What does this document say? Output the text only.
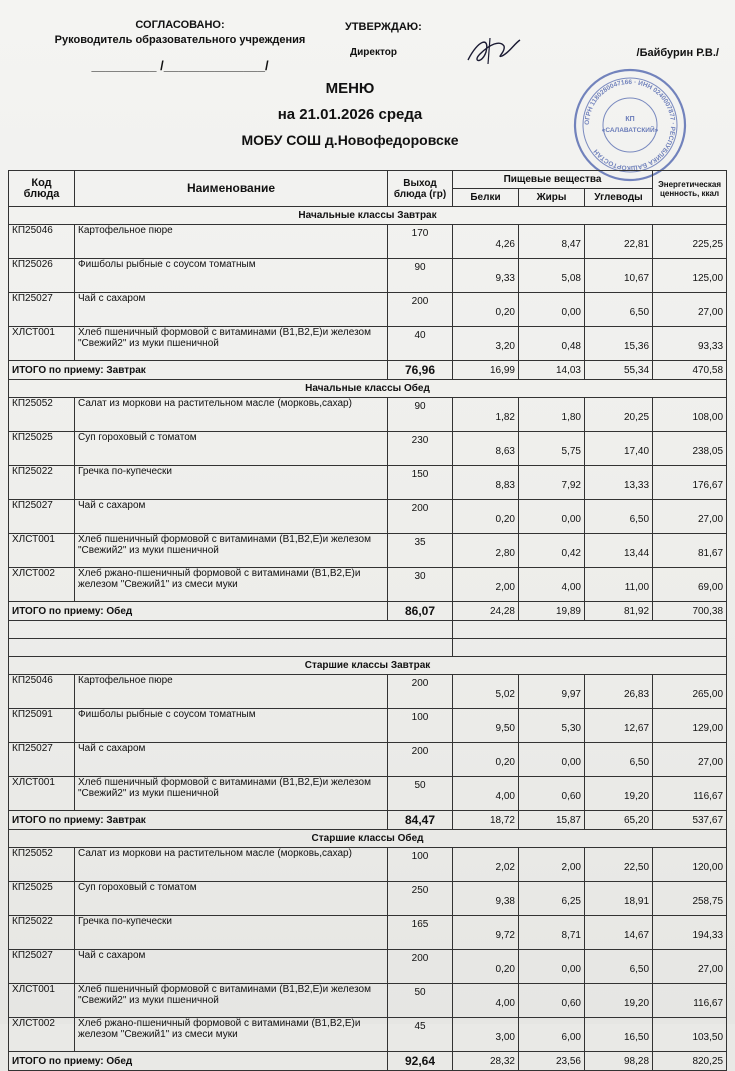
СОГЛАСОВАНО:
Руководитель образовательного учреждения
_________ /______________/
УТВЕРЖДАЮ:
Директор	/Байбурин Р.В./
ОГРН 1180280047166 · ИНН 0240007877 · РЕСПУБЛИКА БАШКОРТОСТАН
КП
«САЛАВАТСКИЙ»
МЕНЮ
на 21.01.2026 среда
МОБУ СОШ д.Новофедоровске
Код блюда	Наименование	Выход блюда (гр)	Пищевые вещества			Энергетическая ценность, ккал
			Белки	Жиры	Углеводы	
Начальные классы Завтрак						
КП25046	Картофельное пюре	170	4,26	8,47	22,81	225,25
КП25026	Фишболы рыбные с соусом томатным	90	9,33	5,08	10,67	125,00
КП25027	Чай с сахаром	200	0,20	0,00	6,50	27,00
ХЛСТ001	Хлеб пшеничный формовой с витаминами (В1,В2,Е)и железом "Свежий2" из муки пшеничной	40	3,20	0,48	15,36	93,33
ИТОГО по приему: Завтрак		76,96	16,99	14,03	55,34	470,58
Начальные классы Обед						
КП25052	Салат из моркови на растительном масле (морковь,сахар)	90	1,82	1,80	20,25	108,00
КП25025	Суп гороховый с томатом	230	8,63	5,75	17,40	238,05
КП25022	Гречка по-купечески	150	8,83	7,92	13,33	176,67
КП25027	Чай с сахаром	200	0,20	0,00	6,50	27,00
ХЛСТ001	Хлеб пшеничный формовой с витаминами (В1,В2,Е)и железом "Свежий2" из муки пшеничной	35	2,80	0,42	13,44	81,67
ХЛСТ002	Хлеб ржано-пшеничный формовой с витаминами (В1,В2,Е)и железом "Свежий1" из смеси муки	30	2,00	4,00	11,00	69,00
ИТОГО по приему: Обед		86,07	24,28	19,89	81,92	700,38

Старшие классы Завтрак						
КП25046	Картофельное пюре	200	5,02	9,97	26,83	265,00
КП25091	Фишболы рыбные с соусом томатным	100	9,50	5,30	12,67	129,00
КП25027	Чай с сахаром	200	0,20	0,00	6,50	27,00
ХЛСТ001	Хлеб пшеничный формовой с витаминами (В1,В2,Е)и железом "Свежий2" из муки пшеничной	50	4,00	0,60	19,20	116,67
ИТОГО по приему: Завтрак		84,47	18,72	15,87	65,20	537,67
Старшие классы Обед						
КП25052	Салат из моркови на растительном масле (морковь,сахар)	100	2,02	2,00	22,50	120,00
КП25025	Суп гороховый с томатом	250	9,38	6,25	18,91	258,75
КП25022	Гречка по-купечески	165	9,72	8,71	14,67	194,33
КП25027	Чай с сахаром	200	0,20	0,00	6,50	27,00
ХЛСТ001	Хлеб пшеничный формовой с витаминами (В1,В2,Е)и железом "Свежий2" из муки пшеничной	50	4,00	0,60	19,20	116,67
ХЛСТ002	Хлеб ржано-пшеничный формовой с витаминами (В1,В2,Е)и железом "Свежий1" из смеси муки	45	3,00	6,00	16,50	103,50
ИТОГО по приему: Обед		92,64	28,32	23,56	98,28	820,25
